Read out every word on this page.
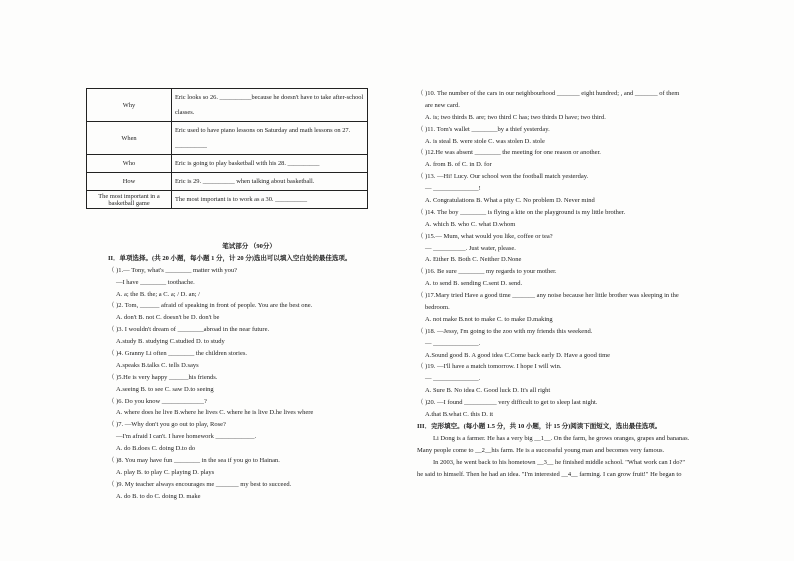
Why	Eric looks so 26. __________because he doesn't have to take after-school classes.
When	Eric used to have piano lessons on Saturday and math lessons on 27. __________
Who	Eric is going to play basketball with his 28. __________
How	Eric is 29. __________ when talking about basketball.
The most important in a basketball game	The most important is to work as a 30. __________
笔试部分 （90分）
II．单项选择。(共 20 小题，每小题 1 分，计 20 分)选出可以填入空白处的最佳选项。
（ )1.— Tony, what's ________ matter with you?
—I have ________ toothache.
A. a; the B. the; a C. a; / D. an; /
（ )2. Tom, ______ afraid of speaking in front of people. You are the best one.
A. don't B. not C. doesn't be D. don't be
（ )3. I wouldn't dream of ________abroad in the near future.
A.study B. studying C.studied D. to study
（ )4. Granny Li often ________ the children stories.
A.speaks B.talks C. tells D.says
（ )5.He is very happy ______his friends.
A.seeing B. to see C. saw D.to seeing
（ )6. Do you know _____________?
A. where does he live B.where he lives C. where he is live D.he lives where
（ )7. —Why don't you go out to play, Rose?
—I'm afraid I can't. I have homework ____________.
A. do B.does C. doing D.to do
（ )8. You may have fun ________ in the sea if you go to Hainan.
A. play B. to play C. playing D. plays
（ )9. My teacher always encourages me _______ my best to succeed.
A. do B. to do C. doing D. make
（ )10. The number of the cars in our neighbourhood _______ eight hundred; , and _______ of them
are new card.
A. is; two thirds B. are; two third C has; two thirds D have; two third.
（ )11. Tom's wallet ________by a thief yesterday.
A. is steal B. were stole C. was stolen D. stole
（ )12.He was absent ________ the meeting for one reason or another.
A. from B. of C. in D. for
（ )13. —Hi! Lucy. Our school won the football match yesterday.
— ______________!
A. Congratulations B. What a pity C. No problem D. Never mind
（ )14. The boy ________ is flying a kite on the playground is my little brother.
A. which B. who C. what D.whom
（ )15.— Mum, what would you like, coffee or tea?
— __________. Just water, please.
A. Either B. Both C. Neither D.None
（ )16. Be sure ________ my regards to your mother.
A. to send B. sending C.sent D. send.
（ )17.Mary tried Have a good time _______ any noise because her little brother was sleeping in the
bedroom.
A. not make B.not to make C. to make D.making
（ )18. —Jessy, I'm going to the zoo with my friends this weekend.
— ______________.
A.Sound good B. A good idea C.Come back early D. Have a good time
（ )19. —I'll have a match tomorrow. I hope I will win.
— ______________.
A. Sure B. No idea C. Good luck D. It's all right
（ )20. —I found __________ very difficult to get to sleep last night.
A.that B.what C. this D. it
III．完形填空。(每小题 1.5 分，共 10 小题，计 15 分)阅读下面短文，选出最佳选项。
Li Dong is a farmer. He has a very big __1__. On the farm, he grows oranges, grapes and bananas.
Many people come to __2__his farm. He is a successful young man and becomes very famous.
In 2003, he went back to his hometown __3__ he finished middle school. "What work can I do?"
he said to himself. Then he had an idea. "I'm interested __4__ farming. I can grow fruit!" He began to
